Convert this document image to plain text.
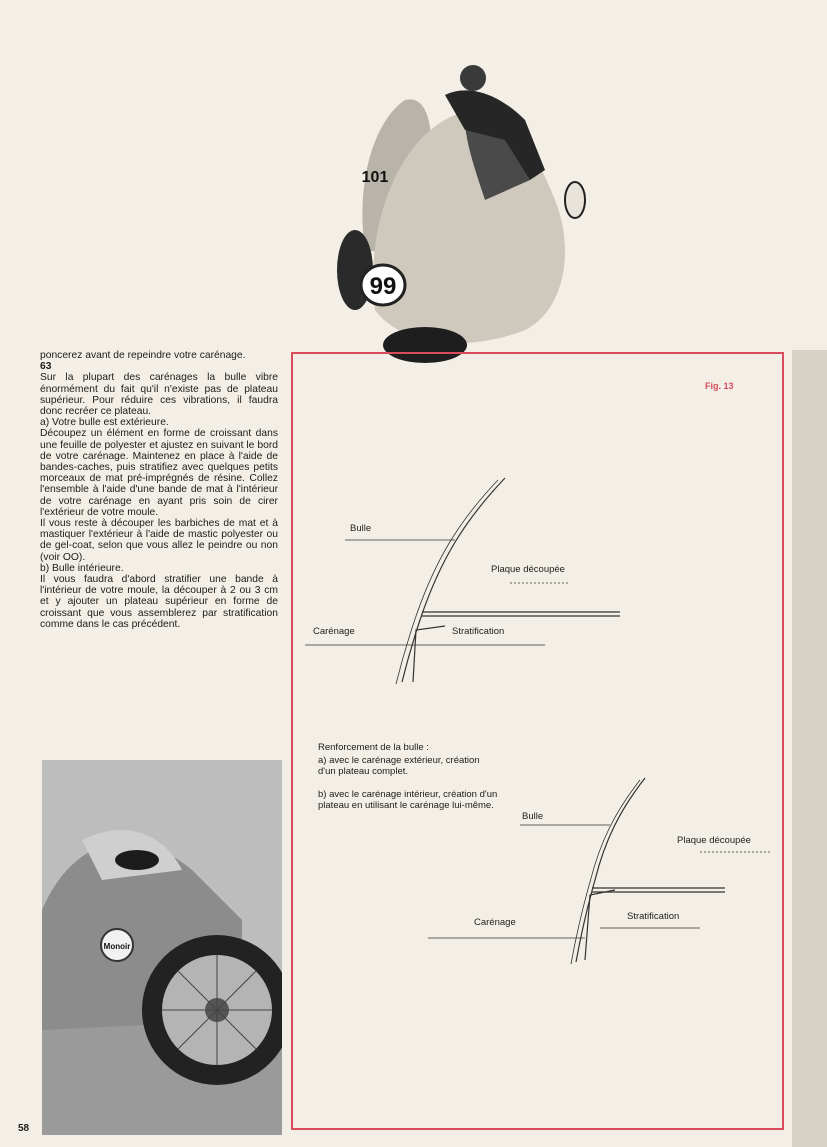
99
101

poncerez avant de repeindre votre carénage.

63

Sur la plupart des carénages la bulle vibre énormément du fait qu'il n'existe pas de plateau supérieur. Pour réduire ces vibrations, il faudra donc recréer ce plateau.

a) Votre bulle est extérieure.

Découpez un élément en forme de croissant dans une feuille de polyester et ajustez en suivant le bord de votre carénage. Maintenez en place à l'aide de bandes-caches, puis stratifiez avec quelques petits morceaux de mat pré-imprégnés de résine. Collez l'ensemble à l'aide d'une bande de mat à l'intérieur de votre carénage en ayant pris soin de cirer l'extérieur de votre moule.

Il vous reste à découper les barbiches de mat et à mastiquer l'extérieur à l'aide de mastic polyester ou de gel-coat, selon que vous allez le peindre ou non (voir OO).

b) Bulle intérieure.

Il vous faudra d'abord stratifier une bande à l'intérieur de votre moule, la découper à 2 ou 3 cm et y ajouter un plateau supérieur en forme de croissant que vous assemblerez par stratification comme dans le cas précédent.

Monoir
Fig. 13
Bulle
Plaque découpée
Carénage	Stratification
Bulle
Plaque découpée
Carénage
Stratification

Renforcement de la bulle :

a) avec le carénage extérieur, création d'un plateau complet.

b) avec le carénage intérieur, création d'un plateau en utilisant le carénage lui-même.

58
